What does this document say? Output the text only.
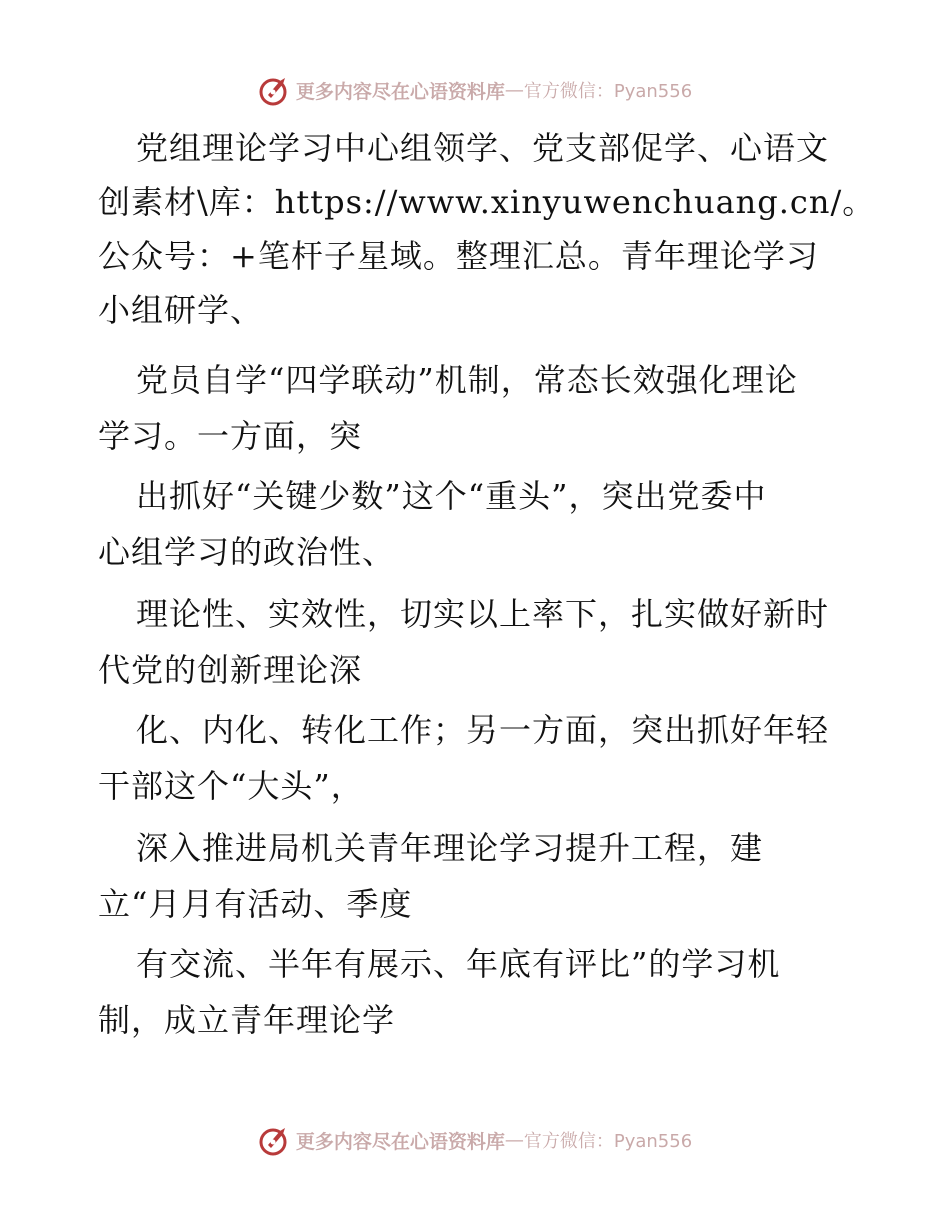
更多内容尽在心语资料库 — 官方微信：Pyan556
党组理论学习中心组领学、党支部促学、心语文
创素材\库：https://www.xinyuwenchuang.cn/。
公众号：+笔杆子星域。整理汇总。青年理论学习
小组研学、
党员自学“四学联动”机制，常态长效强化理论
学习。一方面，突
出抓好“关键少数”这个“重头”，突出党委中
心组学习的政治性、
理论性、实效性，切实以上率下，扎实做好新时
代党的创新理论深
化、内化、转化工作；另一方面，突出抓好年轻
干部这个“大头”，
深入推进局机关青年理论学习提升工程，建
立“月月有活动、季度
有交流、半年有展示、年底有评比”的学习机
制，成立青年理论学
更多内容尽在心语资料库 — 官方微信：Pyan556
